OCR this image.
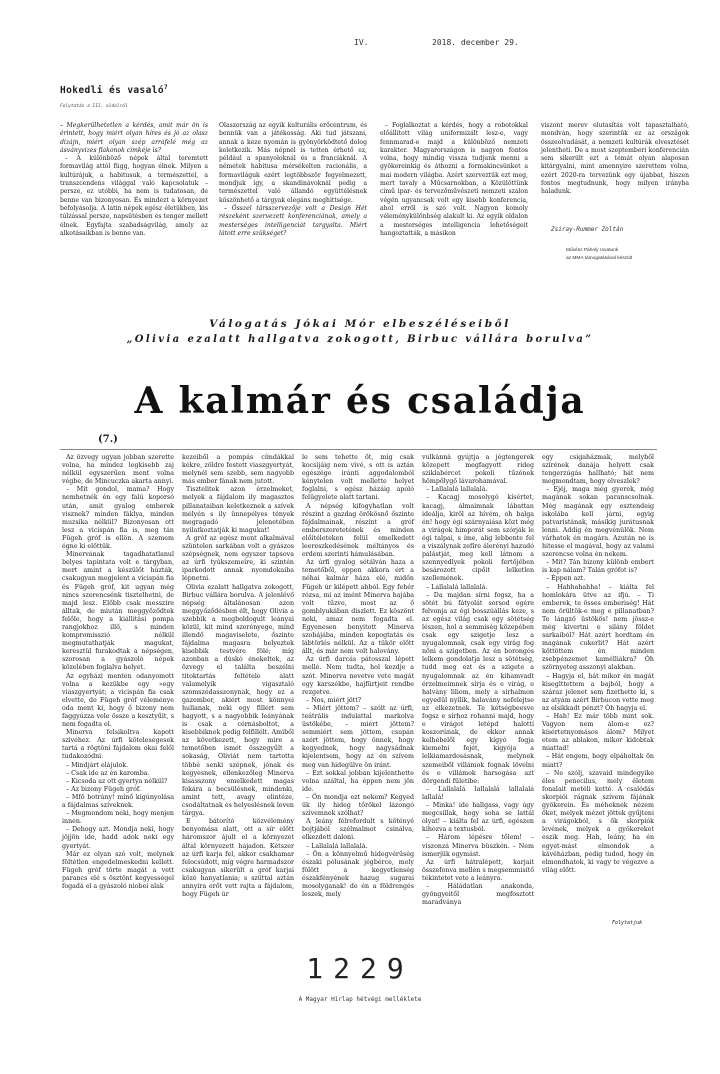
IV.	2018. december 29.
Hokedli és vasaló$^7$
Folytatás a III. oldalról

– Megkerülhetetlen a kérdés, amit már ön is érintett, hogy miért olyan híres és jó az olasz dizájn, miért olyan szép arrafelé még az ásványvizes flakonok címkéje is?

– A különböző népek által teremtett formavilág attól függ, hogyan élnek. Milyen a kultúrájuk, a habitusuk, a természettel, a transzcendens világgal való kapcsolatuk – persze, ez utóbbi, ha nem is tudatosan, de benne van bizonyosan. És mindezt a környezet befolyásolja. A latin népek egész életükben, kis túlzással persze, napsütésben és tenger mellett élnek. Egyfajta szabadságvilág, amely az alkotásaikban is benne van.

Olaszország az egyik kulturális erőcentrum, és bennük van a játékosság. Aki tud játszani, annak a keze nyomán is gyönyörködtető dolog keletkezik. Más népnél is tetten érhető ez, például a spanyoloknál és a franciáknál. A németek habitusa mérsékelten racionális, a formaviláguk ezért legtöbbször fegyelmezett, mondjuk így, a skandinávoknál pedig a természettel való állandó együttélésnek köszönhető a tárgyak elegáns meghittsége.

– Összel társszervezője volt a Design Hét részeként szervezett konferenciának, amely a mesterséges intelligenciát targyalta. Miért látott erre szükséget?

– Foglalkoztat a kérdés, hogy a robotokkal előállított világ uniformizált lesz-e, vagy fennmarad-e majd a különböző nemzeti karakter. Magyarországon is nagyon fontos volna, hogy mindig vissza tudjunk menni a gyökereinkig és áthozni a formakincsünket a mai modern világba. Azért szerveztük ezt meg, mert tavaly a Műcsarnokban, a Közülöttünk című ipar- és tervezőművészeti nemzeti szalon végén ugyancsak volt egy kisebb konferencia, ahol erről is szó volt. Nagyon komoly véleménykülönbség alakult ki. Az egyik oldalon a mesterséges intelligencia lehetőségeit hangoztatták, a másikon

viszont merev elutasítás volt tapasztalható, mondván, hogy szerintük ez az országok összeolvadását, a nemzeti kultúrák elvesztését jelentheti. De a most szeptemberi konferencián sem sikerült ezt a témát olyan alaposan kitárgyalni, mint amennyire szerettem volna, ezért 2020-ra tervezünk egy újabbat, hiszen fontos megtudnunk, hogy milyen irányba haladunk.

Zsiray-Rummer Zoltán
Művész Páholy rovatunk
az MMA támogatásával készült
Válogatás Jókai Mór elbeszéléseiből
„Olivia ezalatt hallgatva zokogott, Birbuc vállára borulva”
A kalmár és családja
(7.)

Az özvegy ugyan jobban szerette volna, ha mindez legkisebb zaj nélkül egyszerűen ment volna végbe, de Mincuczka akarta annyi.

– Mit gondol, mama? Hogy nemhetnék én egy falú koporsó után, amit gyalog emberek visznek? minden fáklya, minden muzsika nélkül? Bizonyosan ott lesz a vicispán fia is, meg tán Fügeh gróf is ellön. A szemem égne ki előttük.

Minervának tagadhatatlanul belyes tapintata volt e tárgyban, mert amint a készülőt húzták, csakugyan megjelent a vicispán fia és Fügeh gróf, kit ugyan még nincs szerencsénk tisztelhetni, de majd lesz. Előbb csak messzire álltak, de miután meggyőződtek felőle, hogy a kiállítási pompa rangjokhoz illő, s minden kompromisszió nélkül megmutathatják magukat, keresztül furakodtak a népségen, szorosan a gyászoló népek közelében foglalva helyet.

Az egyházi menten odanyomott volna a kezükbe egy »egy viaszgyertyát; a vicispán fia csak elvette, de Fügeh gróf véleménye oda ment ki, hogy ő bizony nem faggyúzza vele össze a kesztyűit, s nem fogadta el.

Minerva felsikoltva kapott szívéhez. Az úrfi köteleségesek tartá a rögtöni fájdalom okai felől tudakozódni.

– Mindjárt elájulok.

– Csak ide az én karomba.

– Kicsoda az ott gyertya nélkül?

– Az bizony Fügeh gróf.

– Mfő botrány! mínő kigúnyolása a fájdalmas szíveknek.

– Megmondom neki, hogy menjen innen.

– Dehogy azt. Mondja neki, hogy jöjjön ide, hadd adok neki egy gyertyát.

Már ez olyan szó volt, melynek föltétlen engedelmeskedni kellett. Fügeh gróf törte magát a vett parancs elé s ösztönt kegyességel fogadá el a gyászoló niobei alak

kezeiből a pompás címdákkal kékre, zöldre festett viaszgyertyát, melynél sem szebb, sem nagyobb más ember fának nem jutott.

Tisztelitek azon érzelmeket, melyek a fájdalom ily magasztos pillanataiban keletkeznek a szívek mélyén s ily ünnepélyes tények megragadó jelenetében nyilatkoztatják ki magukat!

A gróf az egész ment alkalmával szüntelen sarkában volt a gyászos szépségnek, nem egyszer tapsova az úrfi tyúkszemeire, ki szintén iparkodott annak nyomdokaiba lépnetni.

Olivia ezalatt hallgatva zokogott, Birbuc vállára borulva. A jelenlévő népség általánosan azon meggyőződésben élt, hogy Olivia a szebbik a megboldogult leányai közül, kit mind szerényege, mind illendő magaviselete, őszinte fájdalma magasra helyeztek kisebbik testvére fölé; míg azonban a dúskó énekeltek, az özvegy el találta beszélni titoktartás feltétele alatt valamelyik vigasztaló szomszédasszonynak, hogy ez a gazember, akiért most könnyei hullanak, neki egy fillért sem hagyott, s a nagyobbik leányának is csak a cérnásboltot, a kisebbiknek pedig felfillélt. Amiből az következett, hogy mire a temetőben ismét összegyűlt a sokaság, Oliviát nem tartotta többé senki szépnek, jónak és kegyesnek, ellenkezőleg Minerva kisasszony emelkedett magas fokára a becsülésnek, mindenki, amint tett, avagy elintéze, csodáltatnak és helyeslésnek leven tárgya.

E bátorító közvélemény benyomása alatt, ott a sír előtt háromszor ájult el a környezet által környezett hajadon. Kétszer az úrfi karja fel, akkor csakhamar felocsúdott, míg végre harmadszor csakugyan sikerült a gróf karjai közé hanyatlania; s szüttal aztán annyira erőt vett rajta a fájdalom, hogy Fügeh úr

le sem tehette őt, míg csak kocsijáig nem vivé, s ott is aztán egészége iránti aggodalomból kénytelen volt mellette helyet foglalni, s egész házáig apoló felügyelete alatt tartani.

A népség kifogyhatlan volt részint a gazdag örökösnő őszinte fájdalmainak, részint a gróf emberszeretetének és minden előítéleteken felül emelkedett leereszkedésének méltányos és erdem szerinti hámulásában.

Az úrfi gyalog sétálván haza a temetőből, eppen akkora ért a néhai kalmár háza elé, midőn Fügeh úr kilépett abból. Egy fehér rózsa, mi az imént Minerva hajába volt tűzve, most az ő gomblyukában díszlett. Ez köszönt neki, amaz nem fogadta el. Egyenesen benyitott Minerva szobájába, minden kopogtatás és lábtörlés nélkül. Az a tükör előtt állt, és már nem volt halovány.

Az úrfi darcás pátosszal lépett mellé. Nem tudta, hol kezdje a szót. Minerva nevetve vete magát egy karszékbe, hajfürtjeit rendbe rezgetve.

– Nos, miért jött?

– Miért jöttem? – szólt az úrfi, teátrális indulattal markolva üstökébe, – miért jöttem? semmiért sem jöttem, csupán azért jöttem, hogy önnek, hogy kegyednek, hogy nagysádnak kijelentsem, hogy az én szívem meg van hidegülve ön iránt.

– Ezt sokkal jobban kijelenthette volna azáltal, ha éppen nem jön ide.

– Ön mondja ezt nekem? Kegyed ük ily hideg tőrökel lázongó szívemnek szólhat?

A leány félrefordult s kötényé bojtjából szélmalmot csinálva, elkezdett daloni.

– Lallalalá lallalalá.

– Ön a könnyelmű hidegvérűség északi pólusának jégbérce, mely fölött a kegyetlenség északfényének hazug sugarai mosolyganak! de én a földrengés leszek, mely

vulkánná gyújtja a jégtengerek közepett megfagyott rideg sziklabércet pokoli tűzének hömpölygő lávarohamával.

– Lallalalá lallalalá.

– Kacagj mosolygó kísértet, kacagj, álmaimnak lábattan ideálja, kiről az hívém, oh balga én! hogy égi szárnyaiása közt még a virágok himporát sem szórják le égi talpai, s íme, alig lebbente fel a viszálynak zefíre álerényi hazudó palástját, meg kell látnom a szennyedlyek pokoli fertőjében besározott cipőit lelketlen szellemének.

– Lallalalá lallalalá.

– Da majdan sírni fogsz, ha a sötét bú fátyolát sorsod egére felvonja az égi bosszúállás keze, s az egész világ csak egy sötétség lészen, hol a semmiség közepében csak egy szigetje lesz a nyugalomnak, csak egy virág fog nőni a szigetben. Az én borongós lelkem gondolatja lesz a sötétség, tudd meg ezt és a szigete a nyugalomnak az én kihamvadt érzelmeimnek sírja és e virág, e halvány liliom, mely a sírhalmon egyedül nyílik, halavány nefelejtse az elkezetnek. Te kétségbeesve fogsz e sírhoz rohanni majd, hogy e virágot letépd halottí koszorúnak, de ekkor annak kelhébelől egy kígyó fogja kiemelni fejét, kígyója a lelkiamardosásnak, melynek szemeiből villámok fognak lövelni és e villámok harsogása azt dörgendi fületibe:

– Lallalalá lallalalá lallalalá lallalá!

– Minka! ide hallgass, vagy úgy megcsillak, hogy soha se lattál olyat! – kiálta fel az úrfi, egészen kihozva a textusból.

– Három lépésre tőlem! – viszonzá Minerva büszkén. – Nem ismerjük egymást.

Az úrfi hátralépett, karjait összefonva mellén s megsemmisítő tekintetet vete a leányra.

– Háládatlan anakonda, gyöngyeitől megfosztott maradványa

egy csigaházmak, melyből szírének danája helyett csak tengerzúgás hallható; hát nem megmondtam, hogy elveszlek?

– Ejéj, maga még gyerek, még magának sokan paranscsolnak. Még magának egy esztendeig iskolába kell járni, egyig patvaristának, másikig jurátusnak lenni. Addig én megvénülök. Nem várhatok én magára. Azután ne is hitesse el magával, hogy az valami szerencse volna én nekem.

– Mit? Tán bizony különb embert is kap nálam? Talán grófot is?

– Éppen azt.

– Hahhahahha! – kiálta fel homlokára ütve az ifjú. – Ti emberek, te össes emberiség! Hát nem örültök-e meg e pillanatban? Te lángző üstökös! nem jössz-e még kivertni e silány földet sarkaiból? Hát azért hordtam én magának cukerlit? Hát azért köttöttem én minden zsebpénzemet kamélliákra? Óh szörnyeteg asszonyi alakban.

– Hagyja el, hát mikor én magát kiseglttettem a bajból, hogy a száraz jelenet sem fizethette ki, s az atyám azért Birbucon vette meg az elsikkadt pénzt? Óh hagyja el.

– Hah! Ez már több mint sok. Vagyon nem álom-e ez? kísértetnyomásos álom? Milyet etem az ablakon, mikor kidobtak miattad!

– Hát engem, hogy elpáholtak ön miatt?

– Ne szólj, szavaid mindegyike éles penecilus, mely életem fonalait metéli ketté. A csalódás skorpiói rágnak szívem fájának gyökerein. És méheknek nézem őket, melyek mézet jöttek gyűjteni a virágokból, s ők skorpiók levének, melyek a gyökereket eszik meg. Hah, leány, ha én egyet-mást elmondok a kávéházban, pedig tudod, hogy én elmondhatok, ki vagy te végezve a világ előtt.

Folytatjuk
1229
A Magyar Hírlap hétvégi melléklete
